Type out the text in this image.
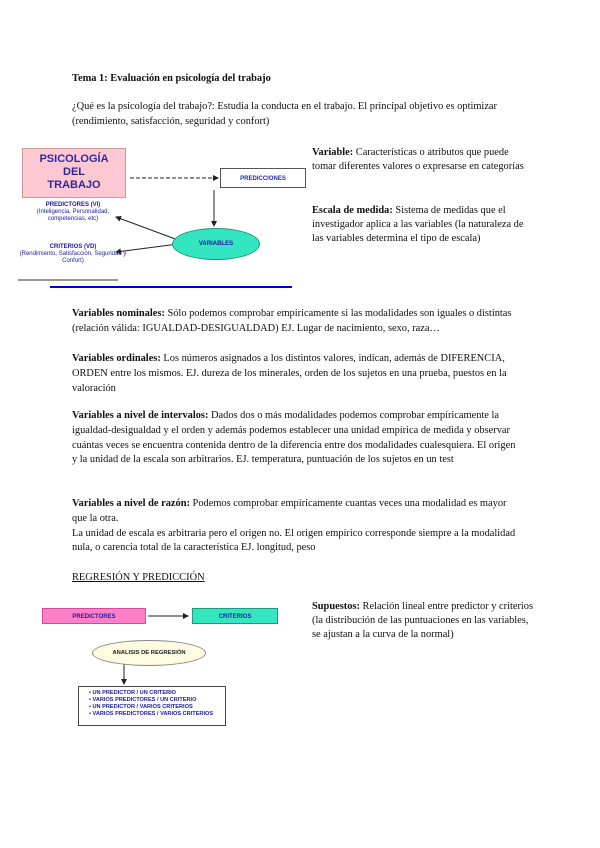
Tema 1: Evaluación en psicología del trabajo
¿Qué es la psicología del trabajo?: Estudia la conducta en el trabajo. El principal objetivo es optimizar (rendimiento, satisfacción, seguridad y confort)
PSICOLOGÍA
DEL
TRABAJO	PREDICCIONES
VARIABLES
PREDICTORES (VI)
(Inteligencia, Personalidad, competencias, etc)
CRITERIOS (VD)
(Rendimiento, Satisfacción, Seguridad y Confort)
Variable: Características o atributos que puede tomar diferentes valores o expresarse en categorías
Escala de medida: Sistema de medidas que el investigador aplica a las variables (la naturaleza de las variables determina el tipo de escala)
Variables nominales: Sólo podemos comprobar empíricamente si las modalidades son iguales o distintas (relación válida: IGUALDAD-DESIGUALDAD) EJ. Lugar de nacimiento, sexo, raza…
Variables ordinales: Los números asignados a los distintos valores, indican, además de DIFERENCIA, ORDEN entre los mismos. EJ. dureza de los minerales, orden de los sujetos en una prueba, puestos en la valoración
Variables a nivel de intervalos: Dados dos o más modalidades podemos comprobar empíricamente la igualdad-desigualdad y el orden y además podemos establecer una unidad empírica de medida y observar cuántas veces se encuentra contenida dentro de la diferencia entre dos modalidades cualesquiera. El origen y la unidad de la escala son arbitrarios. EJ. temperatura, puntuación de los sujetos en un test
Variables a nivel de razón: Podemos comprobar empíricamente cuantas veces una modalidad es mayor que la otra.
La unidad de escala es arbitraria pero el origen no. El origen empírico corresponde siempre a la modalidad nula, o carencia total de la característica EJ. longitud, peso
REGRESIÓN Y PREDICCIÓN
PREDICTORES	CRITERIOS
ANALISIS DE REGRESIÓN
• UN PREDICTOR / UN CRITERIO
• VARIOS PREDICTORES / UN CRITERIO
• UN PREDICTOR / VARIOS CRITERIOS
• VARIOS PREDICTORES / VARIOS CRITERIOS
Supuestos: Relación lineal entre predictor y criterios (la distribución de las puntuaciones en las variables, se ajustan a la curva de la normal)
